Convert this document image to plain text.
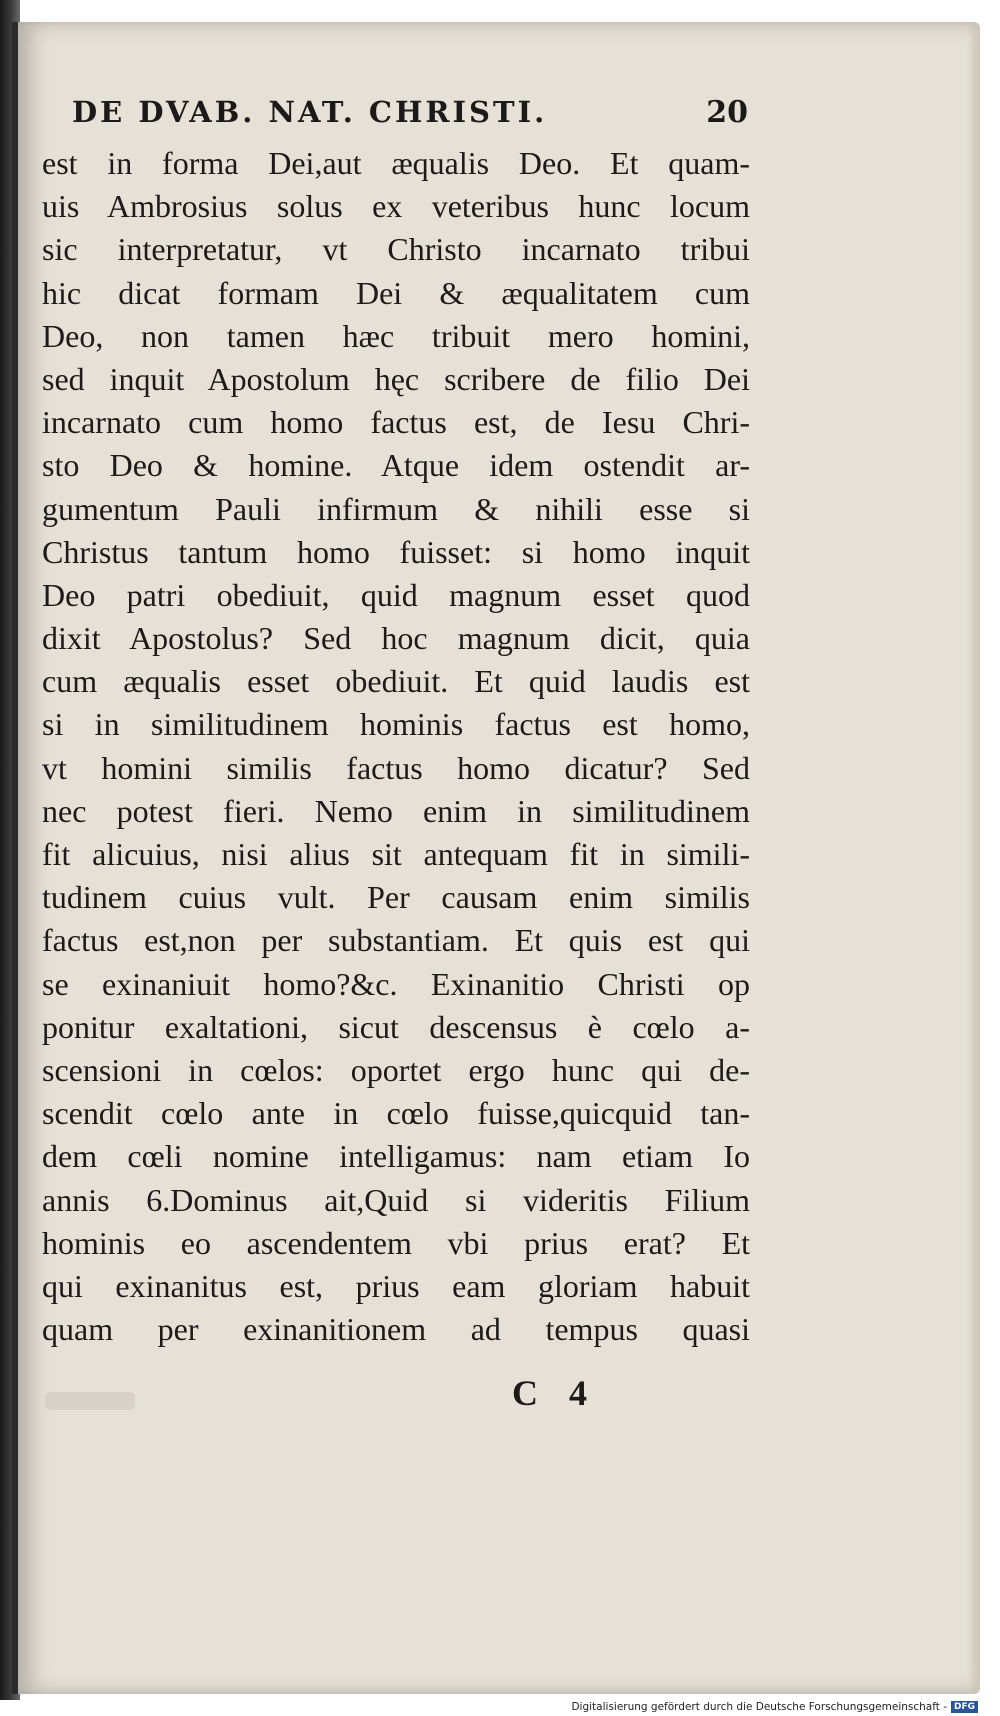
DE DVAB. NAT. CHRISTI.	20
est in forma Dei,aut æqualis Deo. Et quam-
uis Ambrosius solus ex veteribus hunc locum
sic interpretatur, vt Christo incarnato tribui
hic dicat formam Dei & æqualitatem cum
Deo, non tamen hæc tribuit mero homini,
sed inquit Apostolum hęc scribere de filio Dei
incarnato cum homo factus est, de Iesu Chri-
sto Deo & homine. Atque idem ostendit ar-
gumentum Pauli infirmum & nihili esse si
Christus tantum homo fuisset: si homo inquit
Deo patri obediuit, quid magnum esset quod
dixit Apostolus? Sed hoc magnum dicit, quia
cum æqualis esset obediuit. Et quid laudis est
si in similitudinem hominis factus est homo,
vt homini similis factus homo dicatur? Sed
nec potest fieri. Nemo enim in similitudinem
fit alicuius, nisi alius sit antequam fit in simili-
tudinem cuius vult. Per causam enim similis
factus est,non per substantiam. Et quis est qui
se exinaniuit homo?&c. Exinanitio Christi op
ponitur exaltationi, sicut descensus è cœlo a-
scensioni in cœlos: oportet ergo hunc qui de-
scendit cœlo ante in cœlo fuisse,quicquid tan-
dem cœli nomine intelligamus: nam etiam Io
annis 6.Dominus ait,Quid si videritis Filium
hominis eo ascendentem vbi prius erat? Et
qui exinanitus est, prius eam gloriam habuit
quam per exinanitionem ad tempus quasi
C 4
Digitalisierung gefördert durch die Deutsche Forschungsgemeinschaft - DFG
